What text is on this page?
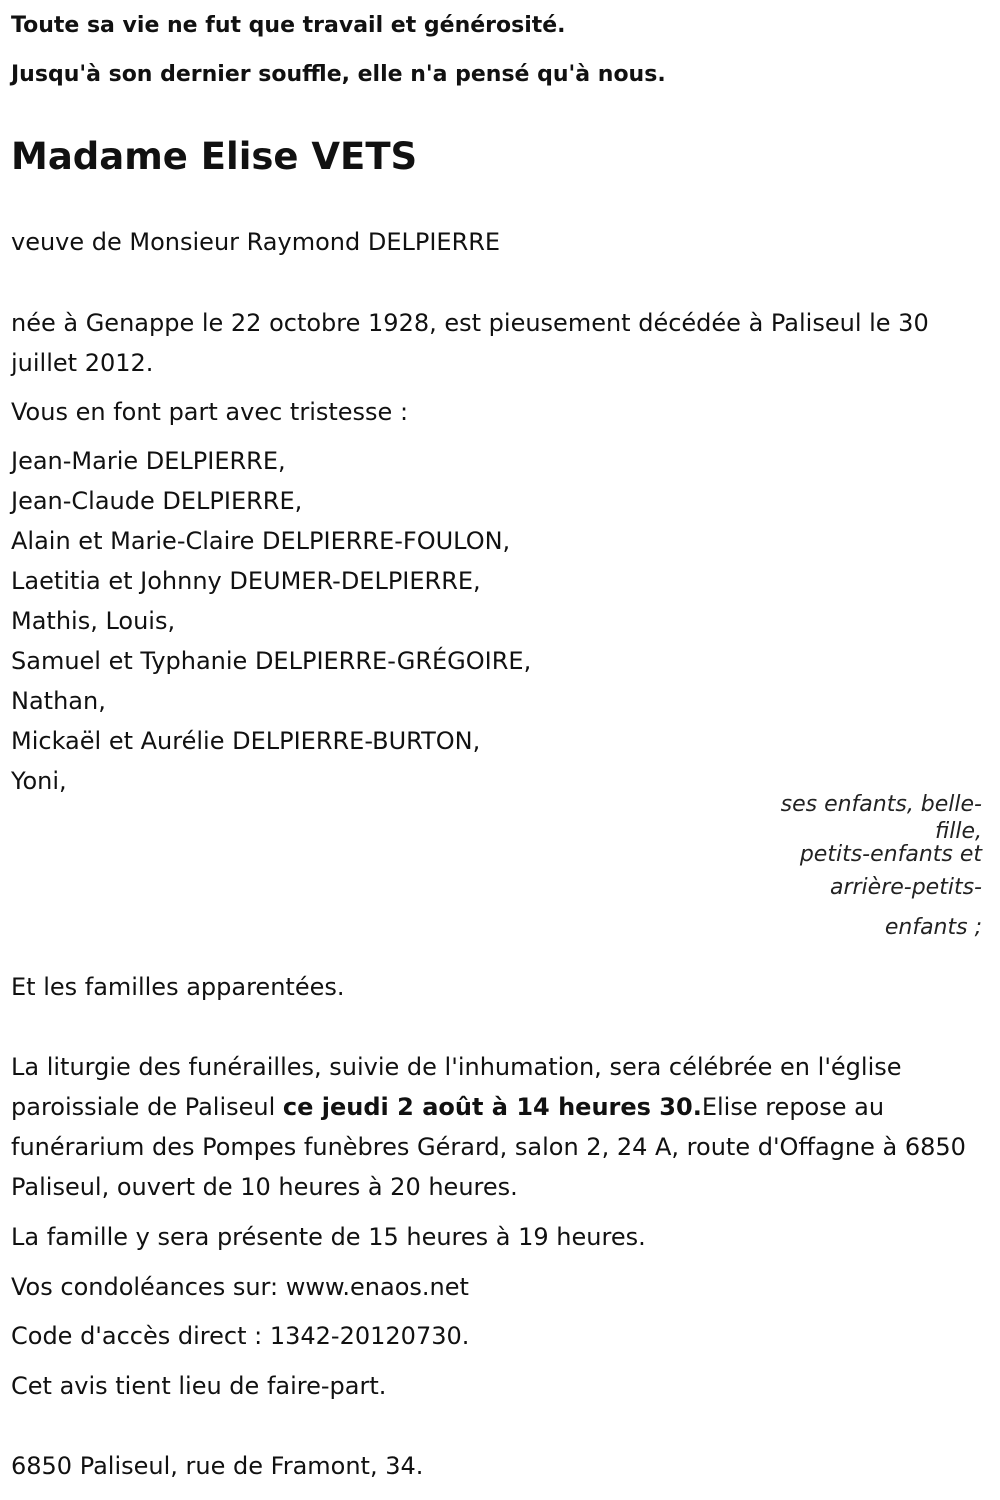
Toute sa vie ne fut que travail et générosité.
Jusqu'à son dernier souffle, elle n'a pensé qu'à nous.
Madame Elise VETS
veuve de Monsieur Raymond DELPIERRE
née à Genappe le 22 octobre 1928, est pieusement décédée à Paliseul le 30 juillet 2012.
Vous en font part avec tristesse :
Jean-Marie DELPIERRE,
Jean-Claude DELPIERRE,
Alain et Marie-Claire DELPIERRE-FOULON,
Laetitia et Johnny DEUMER-DELPIERRE,
Mathis, Louis,
Samuel et Typhanie DELPIERRE-GRÉGOIRE,
Nathan,
Mickaël et Aurélie DELPIERRE-BURTON,
Yoni,
ses enfants, belle-
fille,
petits-enfants et
arrière-petits-
enfants ;
Et les familles apparentées.
La liturgie des funérailles, suivie de l'inhumation, sera célébrée en l'église paroissiale de Paliseul ce jeudi 2 août à 14 heures 30.Elise repose au funérarium des Pompes funèbres Gérard, salon 2, 24 A, route d'Offagne à 6850 Paliseul, ouvert de 10 heures à 20 heures.
La famille y sera présente de 15 heures à 19 heures.
Vos condoléances sur: www.enaos.net
Code d'accès direct : 1342-20120730.
Cet avis tient lieu de faire-part.
6850 Paliseul, rue de Framont, 34.
